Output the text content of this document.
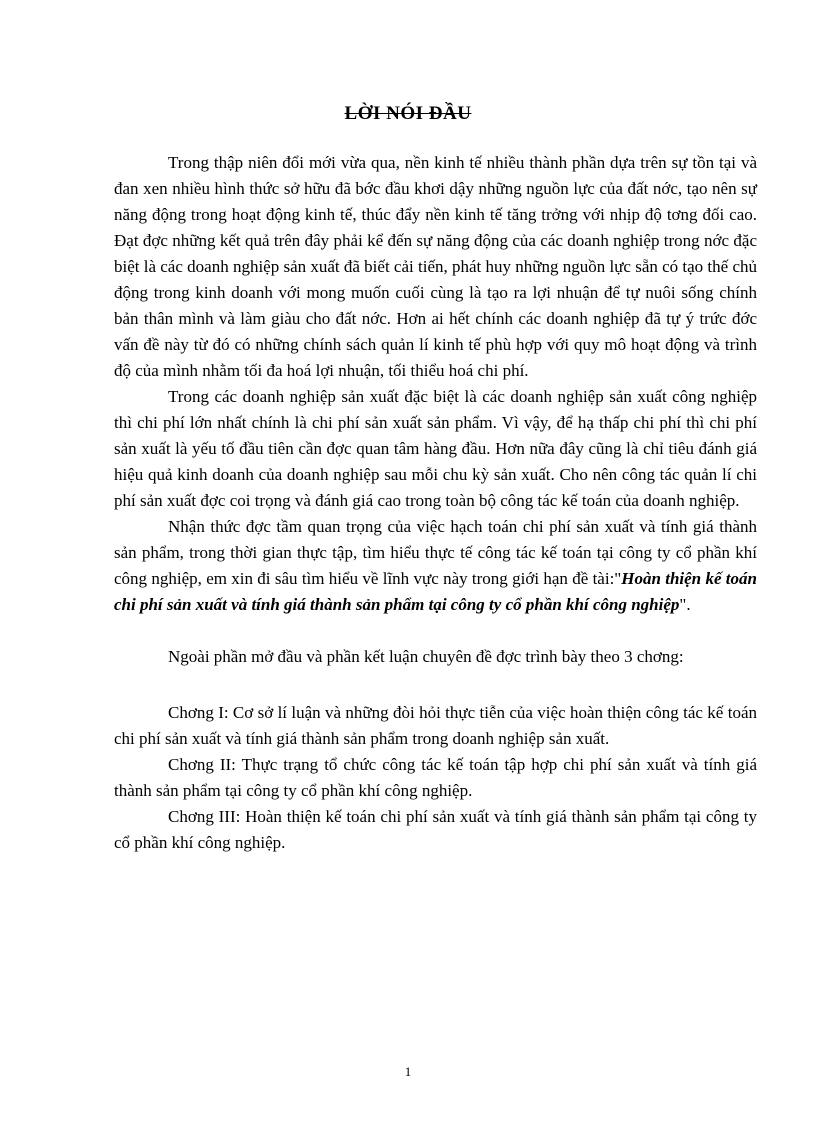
LỜI NÓI ĐẦU

Trong thập niên đổi mới vừa qua, nền kinh tế nhiều thành phần dựa trên sự tồn tại và đan xen nhiều hình thức sở hữu đã bớc đầu khơi dậy những nguồn lực của đất nớc, tạo nên sự năng động trong hoạt động kinh tế, thúc đẩy nền kinh tế tăng trởng với nhịp độ tơng đối cao. Đạt đợc những kết quả trên đây phải kể đến sự năng động của các doanh nghiệp trong nớc đặc biệt là các doanh nghiệp sản xuất đã biết cải tiến, phát huy những nguồn lực sẵn có tạo thế chủ động trong kinh doanh với mong muốn cuối cùng là tạo ra lợi nhuận để tự nuôi sống chính bản thân mình và làm giàu cho đất nớc. Hơn ai hết chính các doanh nghiệp đã tự ý trức đớc vấn đề này từ đó có những chính sách quản lí kinh tế phù hợp với quy mô hoạt động và trình độ của mình nhằm tối đa hoá lợi nhuận, tối thiểu hoá chi phí.

Trong các doanh nghiệp sản xuất đặc biệt là các doanh nghiệp sản xuất công nghiệp thì chi phí lớn nhất chính là chi phí sản xuất sản phẩm. Vì vậy, để hạ thấp chi phí thì chi phí sản xuất là yếu tố đầu tiên cần đợc quan tâm hàng đầu. Hơn nữa đây cũng là chỉ tiêu đánh giá hiệu quả kinh doanh của doanh nghiệp sau mỗi chu kỳ sản xuất. Cho nên công tác quản lí chi phí sản xuất đợc coi trọng và đánh giá cao trong toàn bộ công tác kế toán của doanh nghiệp.

Nhận thức đợc tầm quan trọng của việc hạch toán chi phí sản xuất và tính giá thành sản phẩm, trong thời gian thực tập, tìm hiểu thực tế công tác kế toán tại công ty cổ phần khí công nghiệp, em xin đi sâu tìm hiểu về lĩnh vực này trong giới hạn đề tài:"Hoàn thiện kế toán chi phí sản xuất và tính giá thành sản phẩm tại công ty cổ phần khí công nghiệp".

Ngoài phần mở đầu và phần kết luận chuyên đề đợc trình bày theo 3 chơng:

Chơng I: Cơ sở lí luận và những đòi hỏi thực tiễn của việc hoàn thiện công tác kế toán chi phí sản xuất và tính giá thành sản phẩm trong doanh nghiệp sản xuất.

Chơng II: Thực trạng tổ chức công tác kế toán tập hợp chi phí sản xuất và tính giá thành sản phẩm tại công ty cổ phần khí công nghiệp.

Chơng III: Hoàn thiện kế toán chi phí sản xuất và tính giá thành sản phẩm tại công ty cổ phần khí công nghiệp.

1
